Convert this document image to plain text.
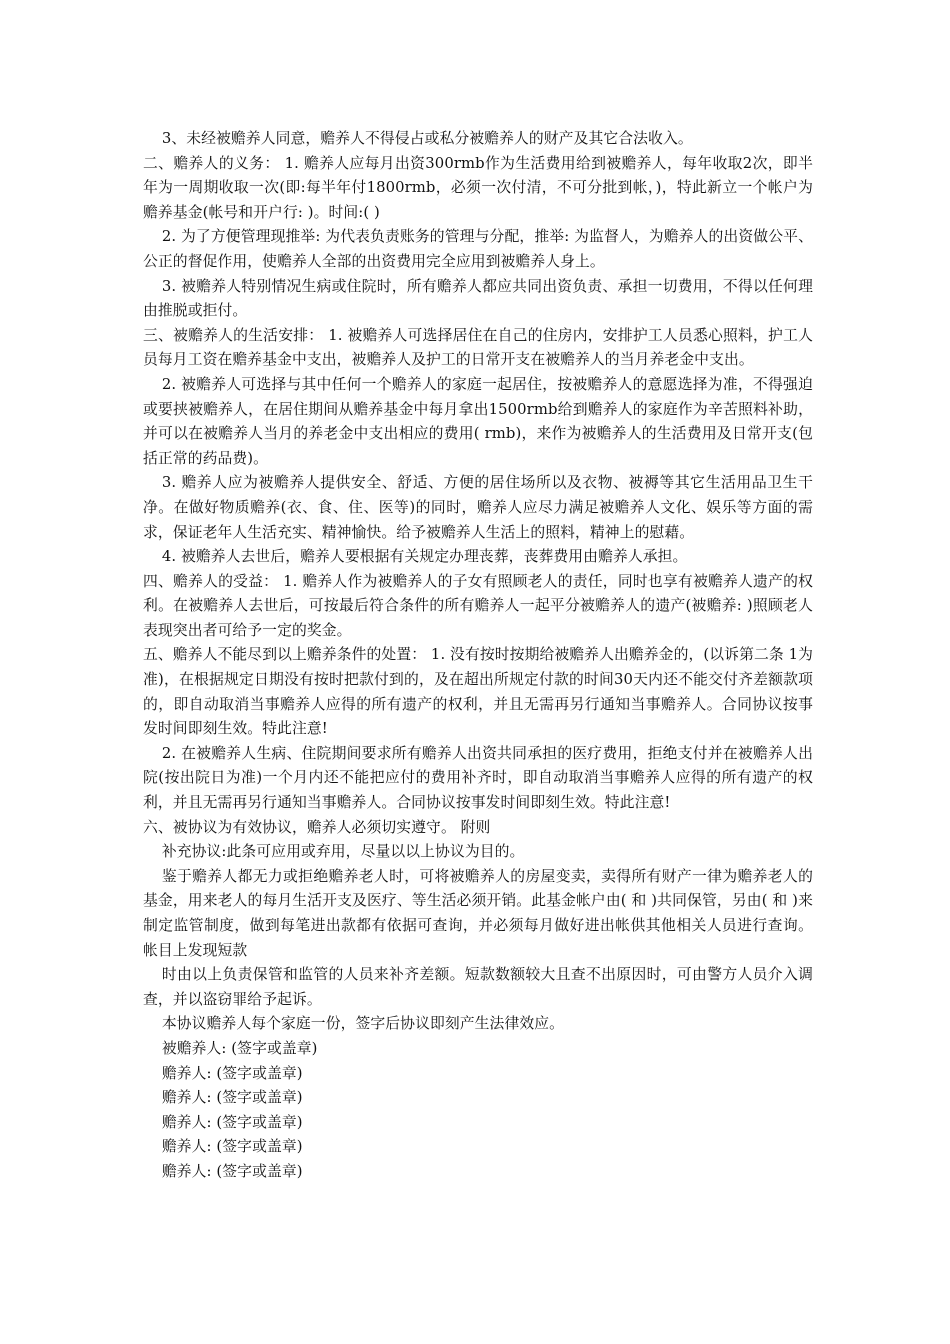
3、未经被赡养人同意，赡养人不得侵占或私分被赡养人的财产及其它合法收入。

二、赡养人的义务： 1. 赡养人应每月出资300rmb作为生活费用给到被赡养人，每年收取2次，即半年为一周期收取一次(即:每半年付1800rmb，必须一次付清，不可分批到帐，)，特此新立一个帐户为赡养基金(帐号和开户行: )。时间:( )

2. 为了方便管理现推举: 为代表负责账务的管理与分配，推举: 为监督人，为赡养人的出资做公平、公正的督促作用，使赡养人全部的出资费用完全应用到被赡养人身上。

3. 被赡养人特别情况生病或住院时，所有赡养人都应共同出资负责、承担一切费用，不得以任何理由推脱或拒付。

三、被赡养人的生活安排： 1. 被赡养人可选择居住在自己的住房内，安排护工人员悉心照料，护工人员每月工资在赡养基金中支出，被赡养人及护工的日常开支在被赡养人的当月养老金中支出。

2. 被赡养人可选择与其中任何一个赡养人的家庭一起居住，按被赡养人的意愿选择为准，不得强迫或要挟被赡养人，在居住期间从赡养基金中每月拿出1500rmb给到赡养人的家庭作为辛苦照料补助，并可以在被赡养人当月的养老金中支出相应的费用( rmb)，来作为被赡养人的生活费用及日常开支(包括正常的药品费)。

3. 赡养人应为被赡养人提供安全、舒适、方便的居住场所以及衣物、被褥等其它生活用品卫生干净。在做好物质赡养(衣、食、住、医等)的同时，赡养人应尽力满足被赡养人文化、娱乐等方面的需求，保证老年人生活充实、精神愉快。给予被赡养人生活上的照料，精神上的慰藉。

4. 被赡养人去世后，赡养人要根据有关规定办理丧葬，丧葬费用由赡养人承担。

四、赡养人的受益： 1. 赡养人作为被赡养人的子女有照顾老人的责任，同时也享有被赡养人遗产的权利。在被赡养人去世后，可按最后符合条件的所有赡养人一起平分被赡养人的遗产(被赡养: )照顾老人表现突出者可给予一定的奖金。

五、赡养人不能尽到以上赡养条件的处置： 1. 没有按时按期给被赡养人出赡养金的，(以诉第二条 1为准)，在根据规定日期没有按时把款付到的，及在超出所规定付款的时间30天内还不能交付齐差额款项的，即自动取消当事赡养人应得的所有遗产的权利，并且无需再另行通知当事赡养人。合同协议按事发时间即刻生效。特此注意!

2. 在被赡养人生病、住院期间要求所有赡养人出资共同承担的医疗费用，拒绝支付并在被赡养人出院(按出院日为准)一个月内还不能把应付的费用补齐时，即自动取消当事赡养人应得的所有遗产的权利，并且无需再另行通知当事赡养人。合同协议按事发时间即刻生效。特此注意!

六、被协议为有效协议，赡养人必须切实遵守。 附则

补充协议:此条可应用或弃用，尽量以以上协议为目的。

鉴于赡养人都无力或拒绝赡养老人时，可将被赡养人的房屋变卖，卖得所有财产一律为赡养老人的基金，用来老人的每月生活开支及医疗、等生活必须开销。此基金帐户由( 和 )共同保管，另由( 和 )来制定监管制度，做到每笔进出款都有依据可查询，并必须每月做好进出帐供其他相关人员进行查询。帐目上发现短款

时由以上负责保管和监管的人员来补齐差额。短款数额较大且查不出原因时，可由警方人员介入调查，并以盗窃罪给予起诉。

本协议赡养人每个家庭一份，签字后协议即刻产生法律效应。

被赡养人: (签字或盖章)

赡养人: (签字或盖章)

赡养人: (签字或盖章)

赡养人: (签字或盖章)

赡养人: (签字或盖章)

赡养人: (签字或盖章)
